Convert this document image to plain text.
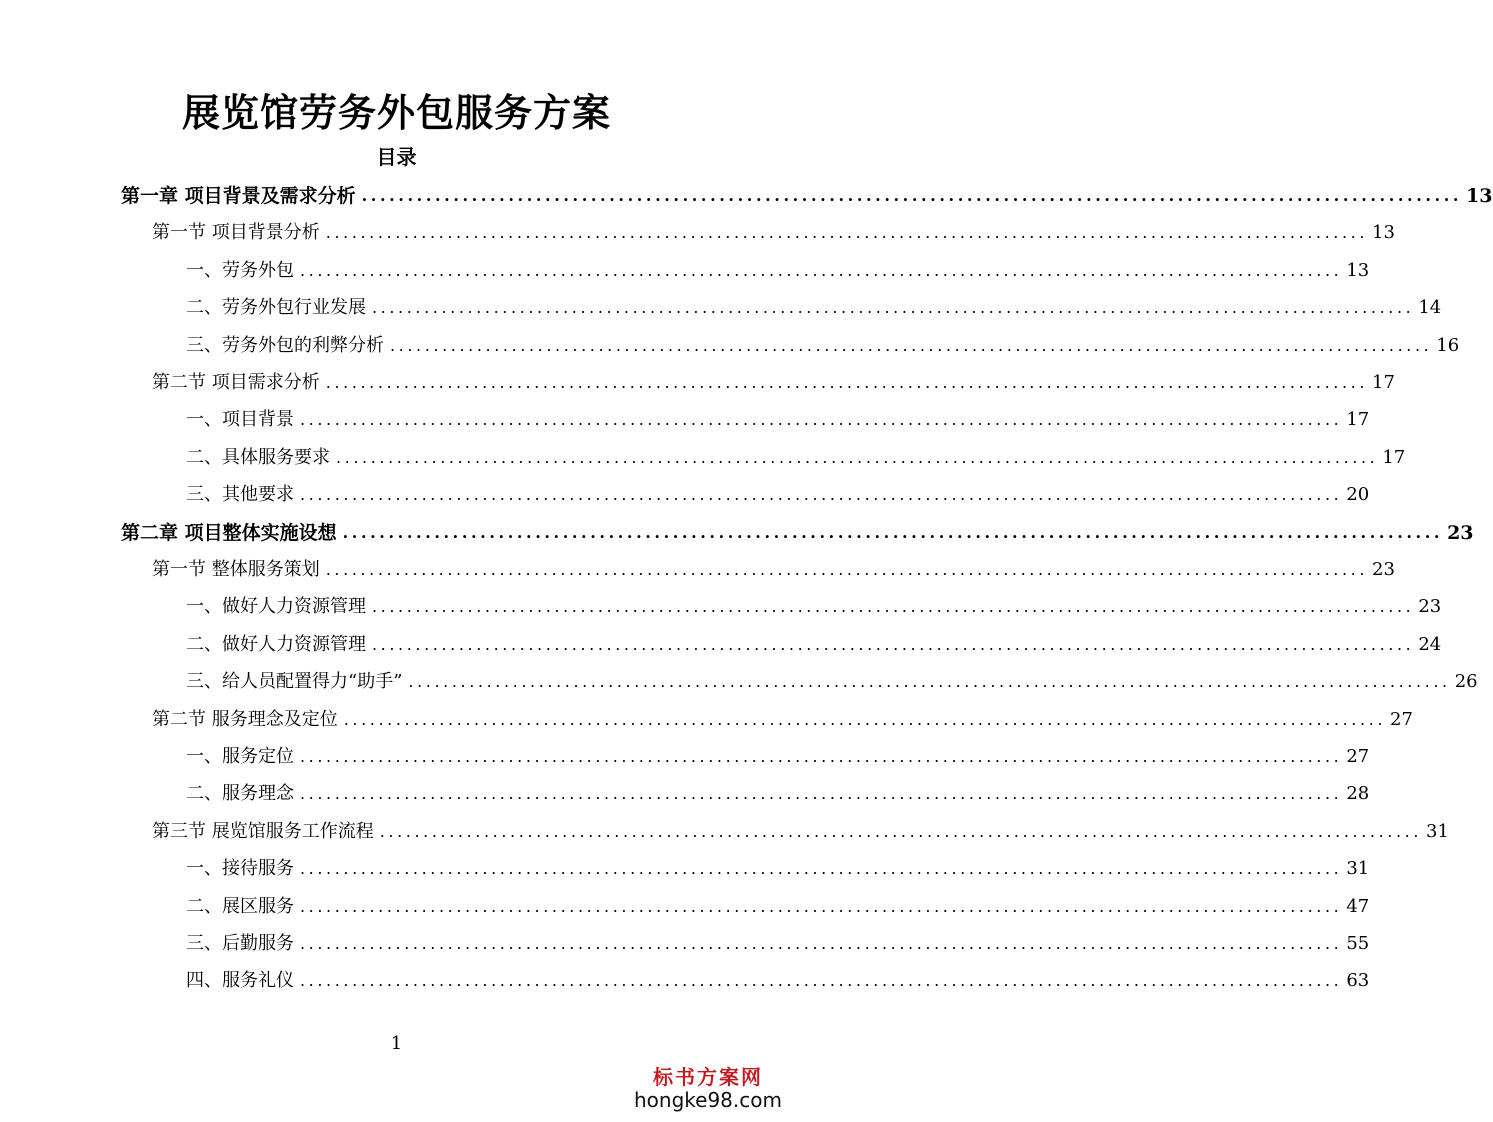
展览馆劳务外包服务方案
目录
第一章 项目背景及需求分析 ........................................................................................................................ 13
第一节 项目背景分析 ........................................................................................................................ 13
一、劳务外包 ........................................................................................................................ 13
二、劳务外包行业发展 ........................................................................................................................ 14
三、劳务外包的利弊分析 ........................................................................................................................ 16
第二节 项目需求分析 ........................................................................................................................ 17
一、项目背景 ........................................................................................................................ 17
二、具体服务要求 ........................................................................................................................ 17
三、其他要求 ........................................................................................................................ 20
第二章 项目整体实施设想 ........................................................................................................................ 23
第一节 整体服务策划 ........................................................................................................................ 23
一、做好人力资源管理 ........................................................................................................................ 23
二、做好人力资源管理 ........................................................................................................................ 24
三、给人员配置得力“助手” ........................................................................................................................ 26
第二节 服务理念及定位 ........................................................................................................................ 27
一、服务定位 ........................................................................................................................ 27
二、服务理念 ........................................................................................................................ 28
第三节 展览馆服务工作流程 ........................................................................................................................ 31
一、接待服务 ........................................................................................................................ 31
二、展区服务 ........................................................................................................................ 47
三、后勤服务 ........................................................................................................................ 55
四、服务礼仪 ........................................................................................................................ 63
1
标书方案网
hongke98.com
